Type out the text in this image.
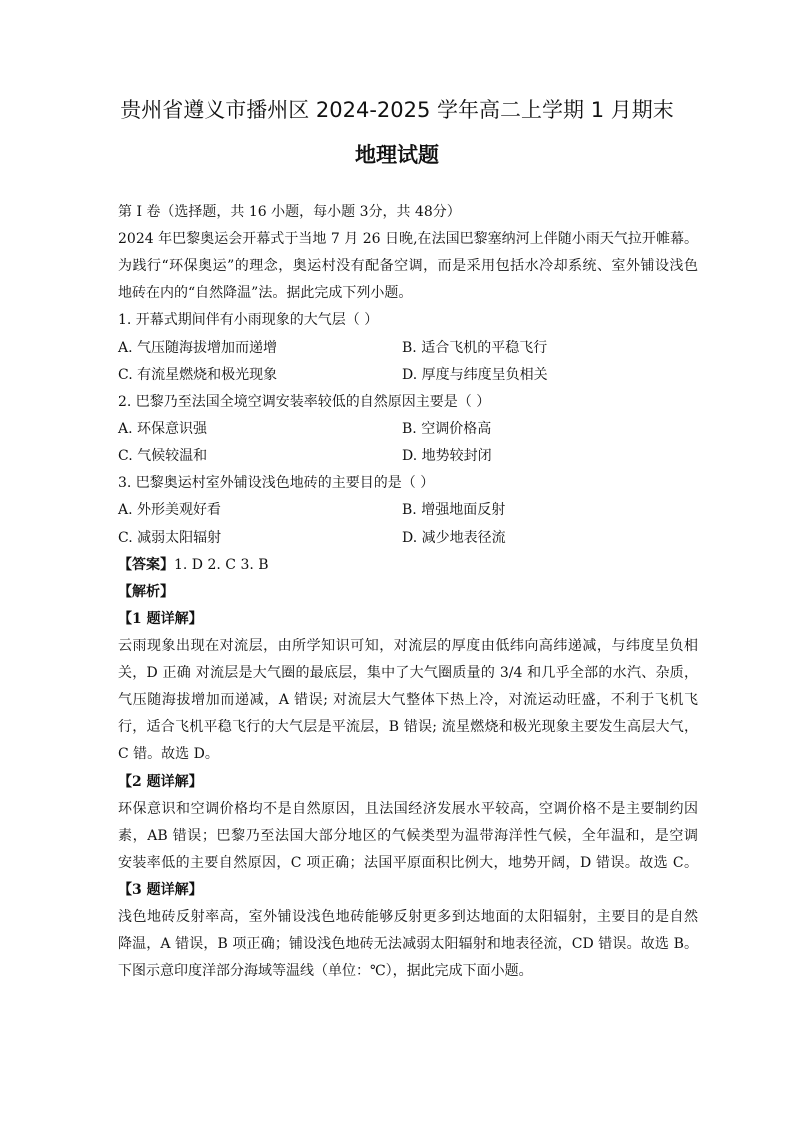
贵州省遵义市播州区 2024-2025 学年高二上学期 1 月期末
地理试题
第 I 卷（选择题，共 16 小题，每小题 3分，共 48分）
2024 年巴黎奥运会开幕式于当地 7 月 26 日晚,在法国巴黎塞纳河上伴随小雨天气拉开帷幕。
为践行“环保奥运”的理念，奥运村没有配备空调，而是采用包括水冷却系统、室外铺设浅色
地砖在内的“自然降温”法。据此完成下列小题。
1. 开幕式期间伴有小雨现象的大气层（ ）
A. 气压随海拔增加而递增	B. 适合飞机的平稳飞行
C. 有流星燃烧和极光现象	D. 厚度与纬度呈负相关
2. 巴黎乃至法国全境空调安装率较低的自然原因主要是（ ）
A. 环保意识强	B. 空调价格高
C. 气候较温和	D. 地势较封闭
3. 巴黎奥运村室外铺设浅色地砖的主要目的是（ ）
A. 外形美观好看	B. 增强地面反射
C. 减弱太阳辐射	D. 减少地表径流
【答案】1. D 2. C 3. B
【解析】
【1 题详解】
云雨现象出现在对流层，由所学知识可知，对流层的厚度由低纬向高纬递减，与纬度呈负相
关，D 正确 对流层是大气圈的最底层，集中了大气圈质量的 3/4 和几乎全部的水汽、杂质，
气压随海拔增加而递减，A 错误; 对流层大气整体下热上冷，对流运动旺盛，不利于飞机飞
行，适合飞机平稳飞行的大气层是平流层，B 错误; 流星燃烧和极光现象主要发生高层大气，
C 错。故选 D。
【2 题详解】
环保意识和空调价格均不是自然原因，且法国经济发展水平较高，空调价格不是主要制约因
素，AB 错误；巴黎乃至法国大部分地区的气候类型为温带海洋性气候，全年温和，是空调
安装率低的主要自然原因，C 项正确；法国平原面积比例大，地势开阔，D 错误。故选 C。
【3 题详解】
浅色地砖反射率高，室外铺设浅色地砖能够反射更多到达地面的太阳辐射，主要目的是自然
降温，A 错误，B 项正确；铺设浅色地砖无法减弱太阳辐射和地表径流，CD 错误。故选 B。
下图示意印度洋部分海域等温线（单位：℃），据此完成下面小题。
